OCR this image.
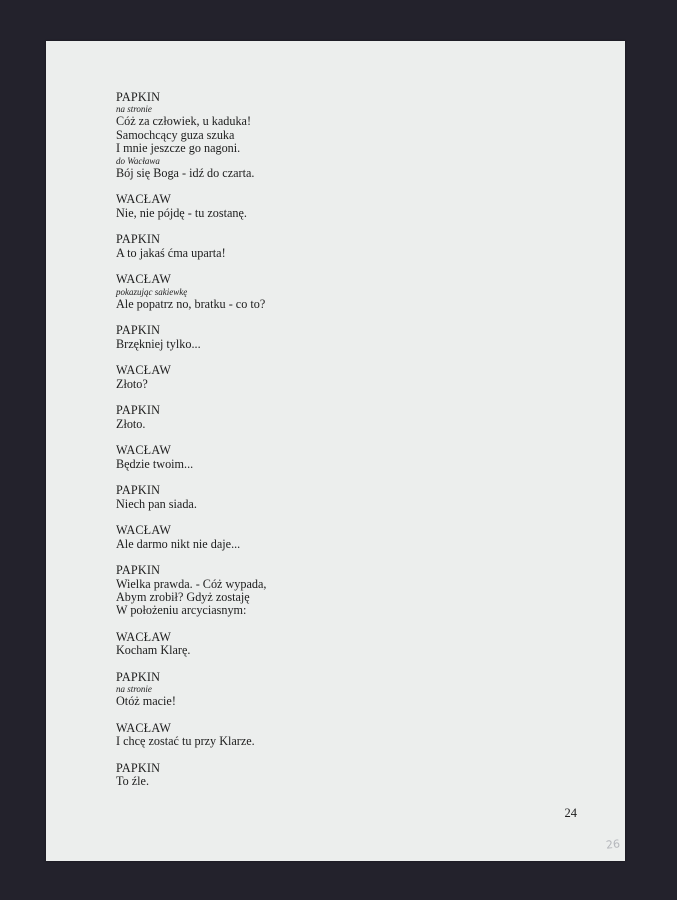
PAPKIN
na stronie
Cóż za człowiek, u kaduka!
Samochcący guza szuka
I mnie jeszcze go nagoni.
do Wacława
Bój się Boga - idź do czarta.
WACŁAW
Nie, nie pójdę - tu zostanę.
PAPKIN
A to jakaś ćma uparta!
WACŁAW
pokazując sakiewkę
Ale popatrz no, bratku - co to?
PAPKIN
Brzękniej tylko...
WACŁAW
Złoto?
PAPKIN
Złoto.
WACŁAW
Będzie twoim...
PAPKIN
Niech pan siada.
WACŁAW
Ale darmo nikt nie daje...
PAPKIN
Wielka prawda. - Cóż wypada,
Abym zrobił? Gdyż zostaję
W położeniu arcyciasnym:
WACŁAW
Kocham Klarę.
PAPKIN
na stronie
Otóż macie!
WACŁAW
I chcę zostać tu przy Klarze.
PAPKIN
To źle.
24
26
